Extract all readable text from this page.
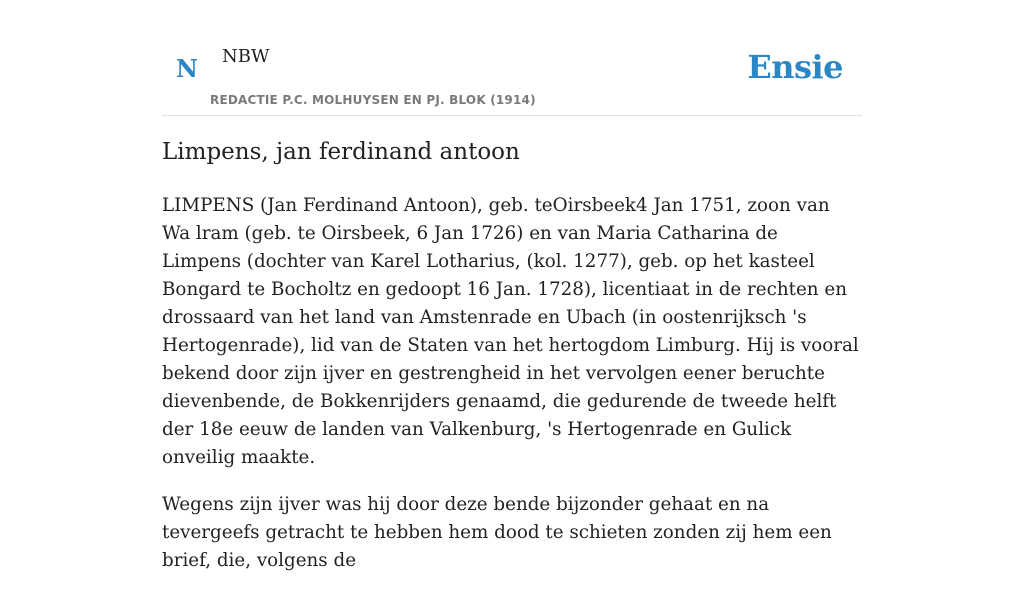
N NBW
REDACTIE P.C. MOLHUYSEN EN PJ. BLOK (1914)
Ensie
Limpens, jan ferdinand antoon

LIMPENS (Jan Ferdinand Antoon), geb. teOirsbeek4 Jan 1751, zoon van Wa lram (geb. te Oirsbeek, 6 Jan 1726) en van Maria Catharina de Limpens (dochter van Karel Lotharius, (kol. 1277), geb. op het kasteel Bongard te Bocholtz en gedoopt 16 Jan. 1728), licentiaat in de rechten en drossaard van het land van Amstenrade en Ubach (in oostenrijksch 's Hertogenrade), lid van de Staten van het hertogdom Limburg. Hij is vooral bekend door zijn ijver en gestrengheid in het vervolgen eener beruchte dievenbende, de Bokkenrijders genaamd, die gedurende de tweede helft der 18e eeuw de landen van Valkenburg, 's Hertogenrade en Gulick onveilig maakte.

Wegens zijn ijver was hij door deze bende bijzonder gehaat en na tevergeefs getracht te hebben hem dood te schieten zonden zij hem een brief, die, volgens de
